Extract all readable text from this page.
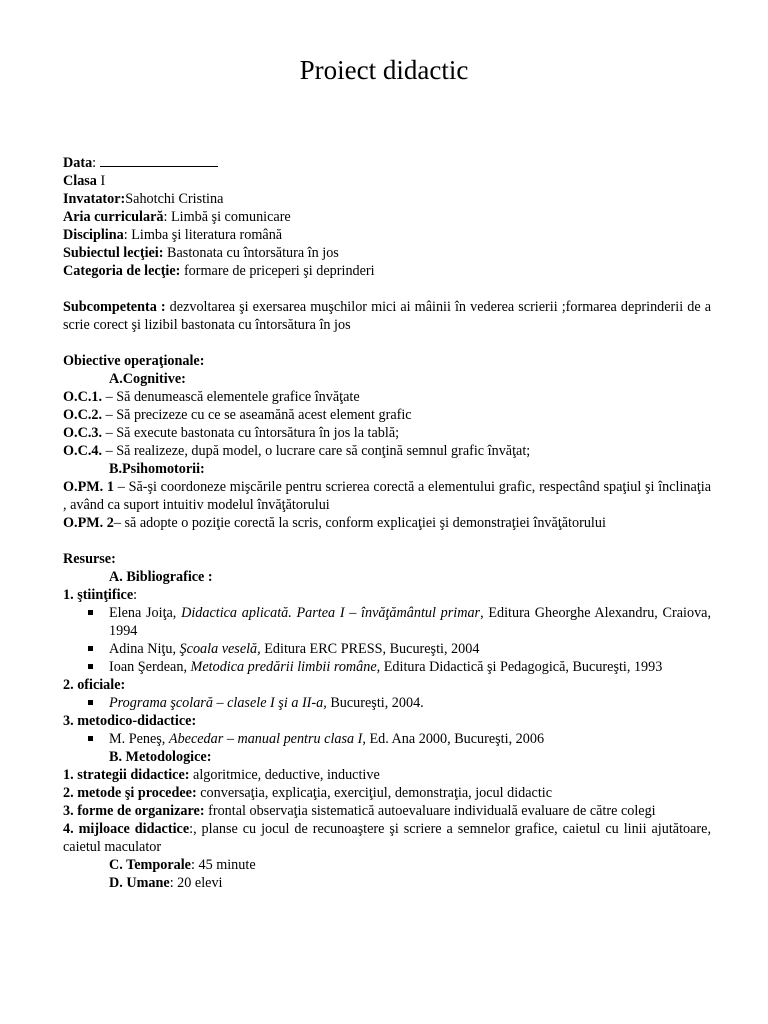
Proiect didactic

Data:

Clasa I

Invatator:Sahotchi Cristina

Aria curriculară: Limbă şi comunicare

Disciplina: Limba şi literatura română

Subiectul lecţiei: Bastonata cu întorsătura în jos

Categoria de lecţie: formare de priceperi şi deprinderi

Subcompetenta : dezvoltarea şi exersarea muşchilor mici ai mâinii în vederea scrierii ;formarea deprinderii de a scrie corect şi lizibil bastonata cu întorsătura în jos

Obiective operaţionale:

A.Cognitive:

O.C.1. – Să denumească elementele grafice învăţate

O.C.2. – Să precizeze cu ce se aseamănă acest element grafic

O.C.3. – Să execute bastonata cu întorsătura în jos la tablă;

O.C.4. – Să realizeze, după model, o lucrare care să conţină semnul grafic învăţat;

B.Psihomotorii:

O.PM. 1 – Să-şi coordoneze mişcările pentru scrierea corectă a elementului grafic, respectând spaţiul şi înclinaţia , având ca suport intuitiv modelul învăţătorului

O.PM. 2– să adopte o poziţie corectă la scris, conform explicaţiei şi demonstraţiei învăţătorului

Resurse:

A. Bibliografice :

1. ştiinţifice:

Elena Joiţa, Didactica aplicată. Partea I – învăţământul primar, Editura Gheorghe Alexandru, Craiova, 1994
Adina Niţu, Şcoala veselă, Editura ERC PRESS, Bucureşti, 2004
Ioan Şerdean, Metodica predării limbii române, Editura Didactică şi Pedagogică, Bucureşti, 1993

2. oficiale:

Programa şcolară – clasele I şi a II-a, Bucureşti, 2004.

3. metodico-didactice:

M. Peneş, Abecedar – manual pentru clasa I, Ed. Ana 2000, Bucureşti, 2006

B. Metodologice:

1. strategii didactice: algoritmice, deductive, inductive

2. metode şi procedee: conversaţia, explicaţia, exerciţiul, demonstraţia, jocul didactic

3. forme de organizare: frontal observaţia sistematică autoevaluare individuală evaluare de către colegi

4. mijloace didactice:, planse cu jocul de recunoaştere şi scriere a semnelor grafice, caietul cu linii ajutătoare, caietul maculator

C. Temporale: 45 minute

D. Umane: 20 elevi
